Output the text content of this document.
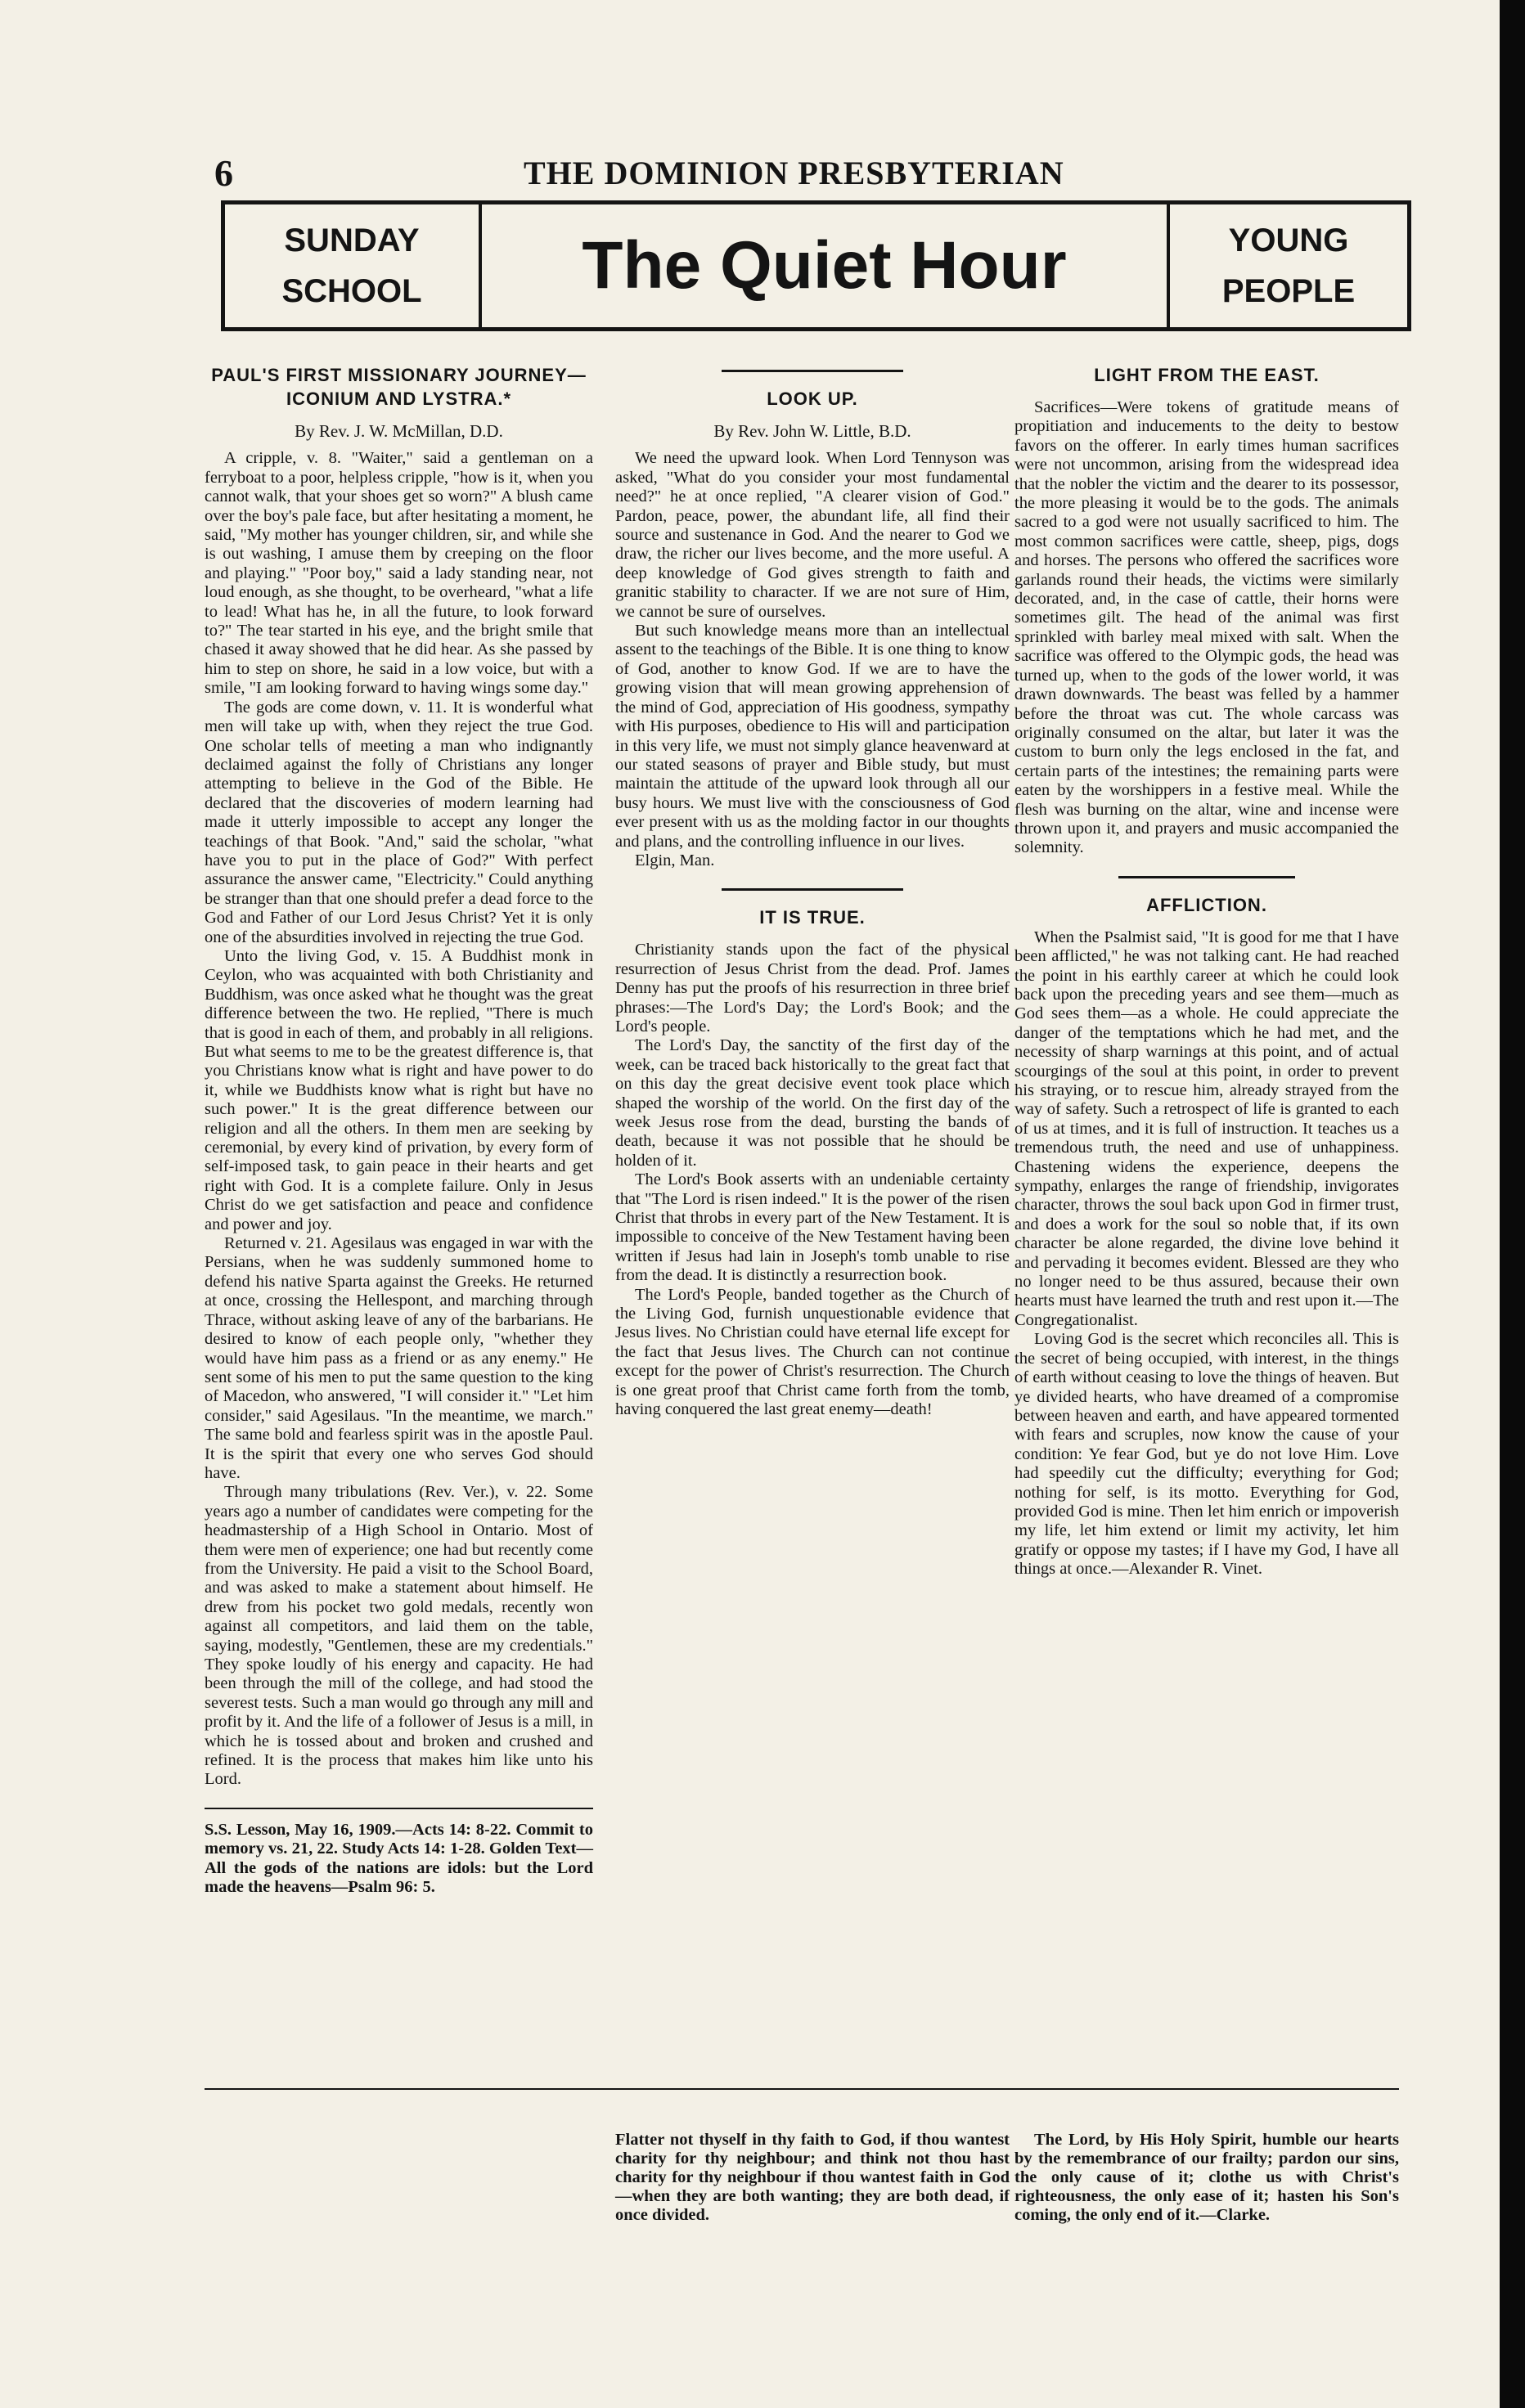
6	THE DOMINION PRESBYTERIAN
SUNDAY
SCHOOL	The Quiet Hour	YOUNG
PEOPLE
PAUL'S FIRST MISSIONARY JOURNEY—ICONIUM AND LYSTRA.*
By Rev. J. W. McMillan, D.D.

A cripple, v. 8. "Waiter," said a gentleman on a ferryboat to a poor, helpless cripple, "how is it, when you cannot walk, that your shoes get so worn?" A blush came over the boy's pale face, but after hesitating a moment, he said, "My mother has younger children, sir, and while she is out washing, I amuse them by creeping on the floor and playing." "Poor boy," said a lady standing near, not loud enough, as she thought, to be overheard, "what a life to lead! What has he, in all the future, to look forward to?" The tear started in his eye, and the bright smile that chased it away showed that he did hear. As she passed by him to step on shore, he said in a low voice, but with a smile, "I am looking forward to having wings some day."

The gods are come down, v. 11. It is wonderful what men will take up with, when they reject the true God. One scholar tells of meeting a man who indignantly declaimed against the folly of Christians any longer attempting to believe in the God of the Bible. He declared that the discoveries of modern learning had made it utterly impossible to accept any longer the teachings of that Book. "And," said the scholar, "what have you to put in the place of God?" With perfect assurance the answer came, "Electricity." Could anything be stranger than that one should prefer a dead force to the God and Father of our Lord Jesus Christ? Yet it is only one of the absurdities involved in rejecting the true God.

Unto the living God, v. 15. A Buddhist monk in Ceylon, who was acquainted with both Christianity and Buddhism, was once asked what he thought was the great difference between the two. He replied, "There is much that is good in each of them, and probably in all religions. But what seems to me to be the greatest difference is, that you Christians know what is right and have power to do it, while we Buddhists know what is right but have no such power." It is the great difference between our religion and all the others. In them men are seeking by ceremonial, by every kind of privation, by every form of self-imposed task, to gain peace in their hearts and get right with God. It is a complete failure. Only in Jesus Christ do we get satisfaction and peace and confidence and power and joy.

Returned v. 21. Agesilaus was engaged in war with the Persians, when he was suddenly summoned home to defend his native Sparta against the Greeks. He returned at once, crossing the Hellespont, and marching through Thrace, without asking leave of any of the barbarians. He desired to know of each people only, "whether they would have him pass as a friend or as any enemy." He sent some of his men to put the same question to the king of Macedon, who answered, "I will consider it." "Let him consider," said Agesilaus. "In the meantime, we march." The same bold and fearless spirit was in the apostle Paul. It is the spirit that every one who serves God should have.

Through many tribulations (Rev. Ver.), v. 22. Some years ago a number of candidates were competing for the headmastership of a High School in Ontario. Most of them were men of experience; one had but recently come from the University. He paid a visit to the School Board, and was asked to make a statement about himself. He drew from his pocket two gold medals, recently won against all competitors, and laid them on the table, saying, modestly, "Gentlemen, these are my credentials." They spoke loudly of his energy and capacity. He had been through the mill of the college, and had stood the severest tests. Such a man would go through any mill and profit by it. And the life of a follower of Jesus is a mill, in which he is tossed about and broken and crushed and refined. It is the process that makes him like unto his Lord.

S.S. Lesson, May 16, 1909.—Acts 14: 8-22. Commit to memory vs. 21, 22. Study Acts 14: 1-28. Golden Text—All the gods of the nations are idols: but the Lord made the heavens—Psalm 96: 5.
LOOK UP.
By Rev. John W. Little, B.D.

We need the upward look. When Lord Tennyson was asked, "What do you consider your most fundamental need?" he at once replied, "A clearer vision of God." Pardon, peace, power, the abundant life, all find their source and sustenance in God. And the nearer to God we draw, the richer our lives become, and the more useful. A deep knowledge of God gives strength to faith and granitic stability to character. If we are not sure of Him, we cannot be sure of ourselves.

But such knowledge means more than an intellectual assent to the teachings of the Bible. It is one thing to know of God, another to know God. If we are to have the growing vision that will mean growing apprehension of the mind of God, appreciation of His goodness, sympathy with His purposes, obedience to His will and participation in this very life, we must not simply glance heavenward at our stated seasons of prayer and Bible study, but must maintain the attitude of the upward look through all our busy hours. We must live with the consciousness of God ever present with us as the molding factor in our thoughts and plans, and the controlling influence in our lives.

Elgin, Man.
IT IS TRUE.

Christianity stands upon the fact of the physical resurrection of Jesus Christ from the dead. Prof. James Denny has put the proofs of his resurrection in three brief phrases:—The Lord's Day; the Lord's Book; and the Lord's people.

The Lord's Day, the sanctity of the first day of the week, can be traced back historically to the great fact that on this day the great decisive event took place which shaped the worship of the world. On the first day of the week Jesus rose from the dead, bursting the bands of death, because it was not possible that he should be holden of it.

The Lord's Book asserts with an undeniable certainty that "The Lord is risen indeed." It is the power of the risen Christ that throbs in every part of the New Testament. It is impossible to conceive of the New Testament having been written if Jesus had lain in Joseph's tomb unable to rise from the dead. It is distinctly a resurrection book.

The Lord's People, banded together as the Church of the Living God, furnish unquestionable evidence that Jesus lives. No Christian could have eternal life except for the fact that Jesus lives. The Church can not continue except for the power of Christ's resurrection. The Church is one great proof that Christ came forth from the tomb, having conquered the last great enemy—death!

LIGHT FROM THE EAST.

Sacrifices—Were tokens of gratitude means of propitiation and inducements to the deity to bestow favors on the offerer. In early times human sacrifices were not uncommon, arising from the widespread idea that the nobler the victim and the dearer to its possessor, the more pleasing it would be to the gods. The animals sacred to a god were not usually sacrificed to him. The most common sacrifices were cattle, sheep, pigs, dogs and horses. The persons who offered the sacrifices wore garlands round their heads, the victims were similarly decorated, and, in the case of cattle, their horns were sometimes gilt. The head of the animal was first sprinkled with barley meal mixed with salt. When the sacrifice was offered to the Olympic gods, the head was turned up, when to the gods of the lower world, it was drawn downwards. The beast was felled by a hammer before the throat was cut. The whole carcass was originally consumed on the altar, but later it was the custom to burn only the legs enclosed in the fat, and certain parts of the intestines; the remaining parts were eaten by the worshippers in a festive meal. While the flesh was burning on the altar, wine and incense were thrown upon it, and prayers and music accompanied the solemnity.

AFFLICTION.

When the Psalmist said, "It is good for me that I have been afflicted," he was not talking cant. He had reached the point in his earthly career at which he could look back upon the preceding years and see them—much as God sees them—as a whole. He could appreciate the danger of the temptations which he had met, and the necessity of sharp warnings at this point, and of actual scourgings of the soul at this point, in order to prevent his straying, or to rescue him, already strayed from the way of safety. Such a retrospect of life is granted to each of us at times, and it is full of instruction. It teaches us a tremendous truth, the need and use of unhappiness. Chastening widens the experience, deepens the sympathy, enlarges the range of friendship, invigorates character, throws the soul back upon God in firmer trust, and does a work for the soul so noble that, if its own character be alone regarded, the divine love behind it and pervading it becomes evident. Blessed are they who no longer need to be thus assured, because their own hearts must have learned the truth and rest upon it.—The Congregationalist.

Loving God is the secret which reconciles all. This is the secret of being occupied, with interest, in the things of earth without ceasing to love the things of heaven. But ye divided hearts, who have dreamed of a compromise between heaven and earth, and have appeared tormented with fears and scruples, now know the cause of your condition: Ye fear God, but ye do not love Him. Love had speedily cut the difficulty; everything for God; nothing for self, is its motto. Everything for God, provided God is mine. Then let him enrich or impoverish my life, let him extend or limit my activity, let him gratify or oppose my tastes; if I have my God, I have all things at once.—Alexander R. Vinet.

Flatter not thyself in thy faith to God, if thou wantest charity for thy neighbour; and think not thou hast charity for thy neighbour if thou wantest faith in God—when they are both wanting; they are both dead, if once divided.
The Lord, by His Holy Spirit, humble our hearts by the remembrance of our frailty; pardon our sins, the only cause of it; clothe us with Christ's righteousness, the only ease of it; hasten his Son's coming, the only end of it.—Clarke.
